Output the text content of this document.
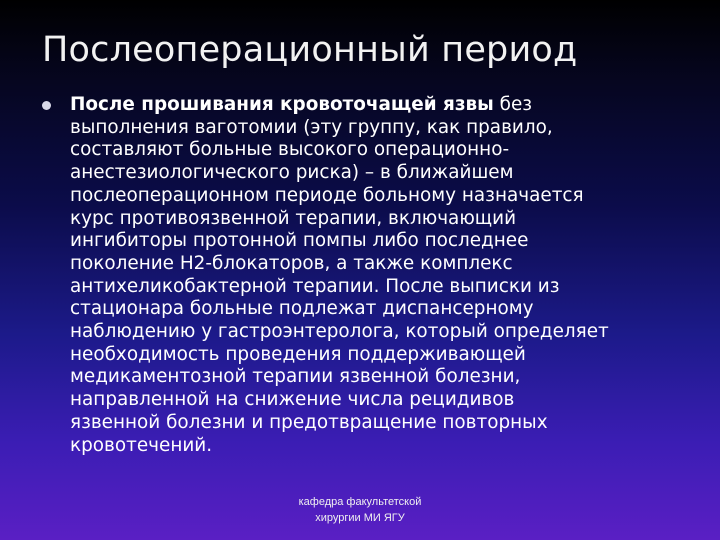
Послеоперационный период
После прошивания кровоточащей язвы без
выполнения ваготомии (эту группу, как правило,
составляют больные высокого операционно-
анестезиологического риска) – в ближайшем
послеоперационном периоде больному назначается
курс противоязвенной терапии, включающий
ингибиторы протонной помпы либо последнее
поколение Н2-блокаторов, а также комплекс
антихеликобактерной терапии. После выписки из
стационара больные подлежат диспансерному
наблюдению у гастроэнтеролога, который определяет
необходимость проведения поддерживающей
медикаментозной терапии язвенной болезни,
направленной на снижение числа рецидивов
язвенной болезни и предотвращение повторных
кровотечений.
кафедра факультетской
хирургии МИ ЯГУ
